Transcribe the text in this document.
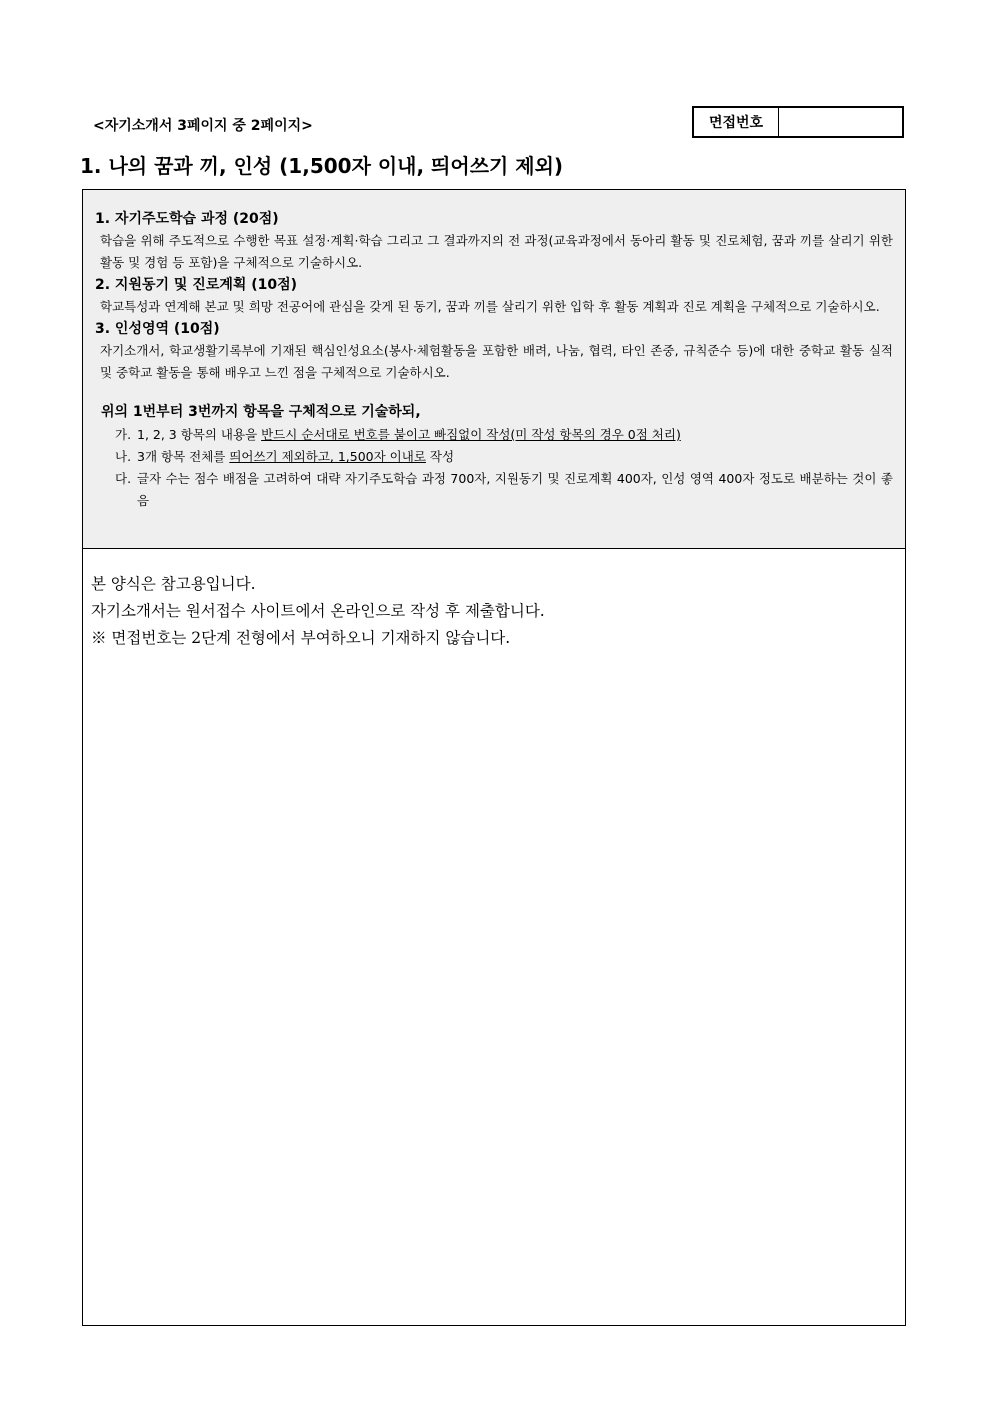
<자기소개서 3페이지 중 2페이지>	면접번호
1. 나의 꿈과 끼, 인성 (1,500자 이내, 띄어쓰기 제외)
1. 자기주도학습 과정 (20점)
학습을 위해 주도적으로 수행한 목표 설정·계획·학습 그리고 그 결과까지의 전 과정(교육과정에서 동아리 활동 및 진로체험, 꿈과 끼를 살리기 위한 활동 및 경험 등 포함)을 구체적으로 기술하시오.
2. 지원동기 및 진로계획 (10점)
학교특성과 연계해 본교 및 희망 전공어에 관심을 갖게 된 동기, 꿈과 끼를 살리기 위한 입학 후 활동 계획과 진로 계획을 구체적으로 기술하시오.
3. 인성영역 (10점)
자기소개서, 학교생활기록부에 기재된 핵심인성요소(봉사·체험활동을 포함한 배려, 나눔, 협력, 타인 존중, 규칙준수 등)에 대한 중학교 활동 실적 및 중학교 활동을 통해 배우고 느낀 점을 구체적으로 기술하시오.
위의 1번부터 3번까지 항목을 구체적으로 기술하되,
가. 1, 2, 3 항목의 내용을 반드시 순서대로 번호를 붙이고 빠짐없이 작성(미 작성 항목의 경우 0점 처리)
나. 3개 항목 전체를 띄어쓰기 제외하고, 1,500자 이내로 작성
다. 글자 수는 점수 배점을 고려하여 대략 자기주도학습 과정 700자, 지원동기 및 진로계획 400자, 인성 영역 400자 정도로 배분하는 것이 좋음
본 양식은 참고용입니다.
자기소개서는 원서접수 사이트에서 온라인으로 작성 후 제출합니다.
※ 면접번호는 2단계 전형에서 부여하오니 기재하지 않습니다.
